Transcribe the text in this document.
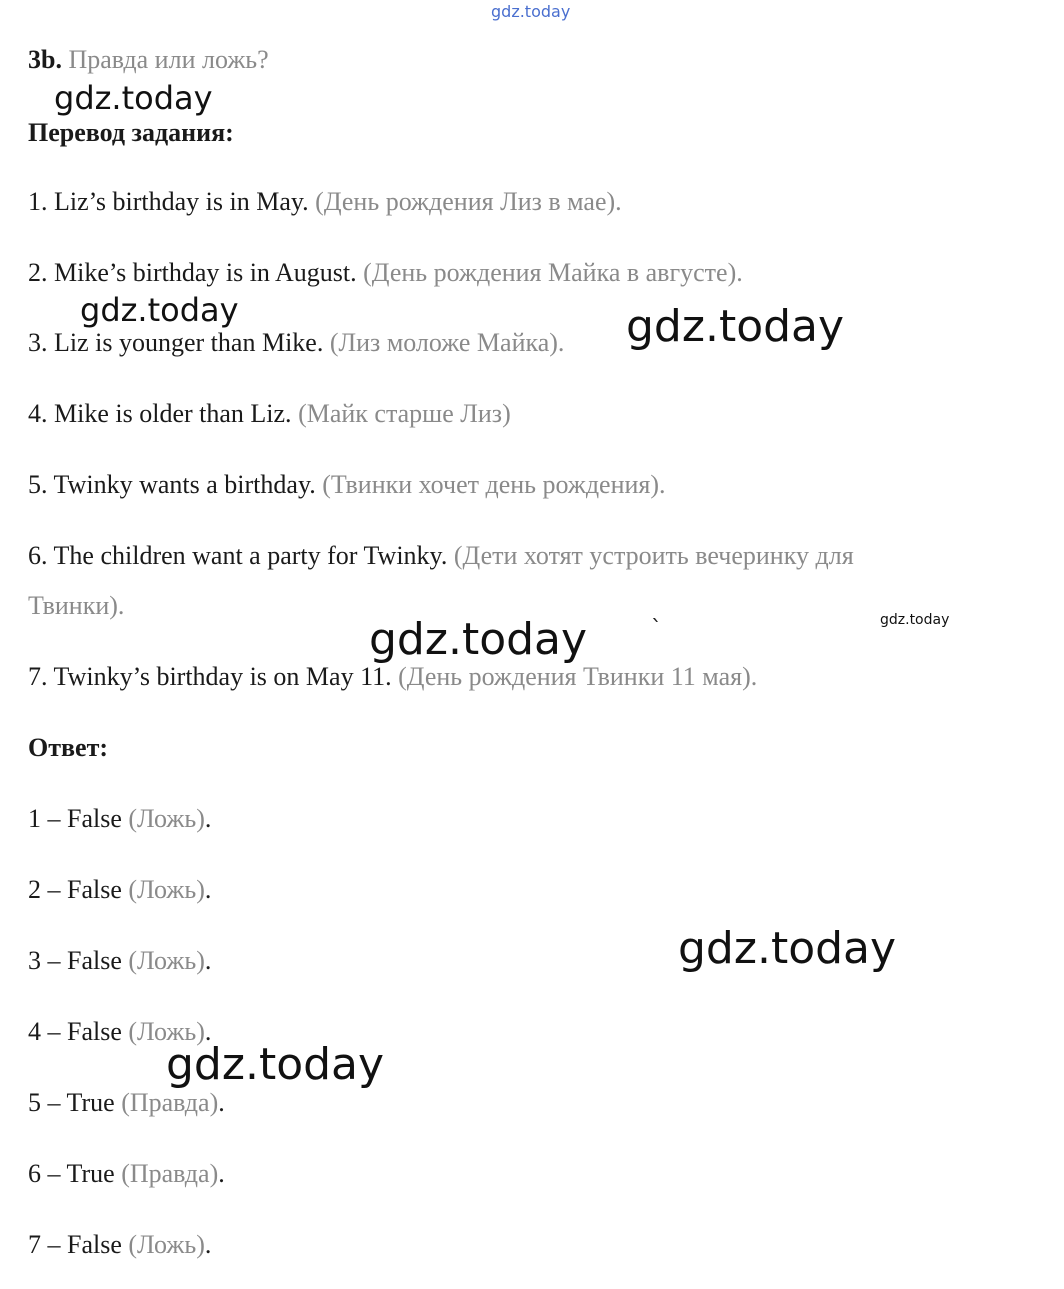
gdz.today
3b. Правда или ложь?
gdz.today
Перевод задания:
1. Liz’s birthday is in May. (День рождения Лиз в мае).
2. Mike’s birthday is in August. (День рождения Майка в августе).
gdz.today
3. Liz is younger than Mike. (Лиз моложе Майка). gdz.today
4. Mike is older than Liz. (Майк старше Лиз)
5. Twinky wants a birthday. (Твинки хочет день рождения).
6. The children want a party for Twinky. (Дети хотят устроить вечеринку для
Твинки).	gdz.today
gdz.today	`
7. Twinky’s birthday is on May 11. (День рождения Твинки 11 мая).
Ответ:
1 – False (Ложь).
2 – False (Ложь).
3 – False (Ложь).	gdz.today
4 – False (Ложь).
gdz.today
5 – True (Правда).
6 – True (Правда).
7 – False (Ложь).
